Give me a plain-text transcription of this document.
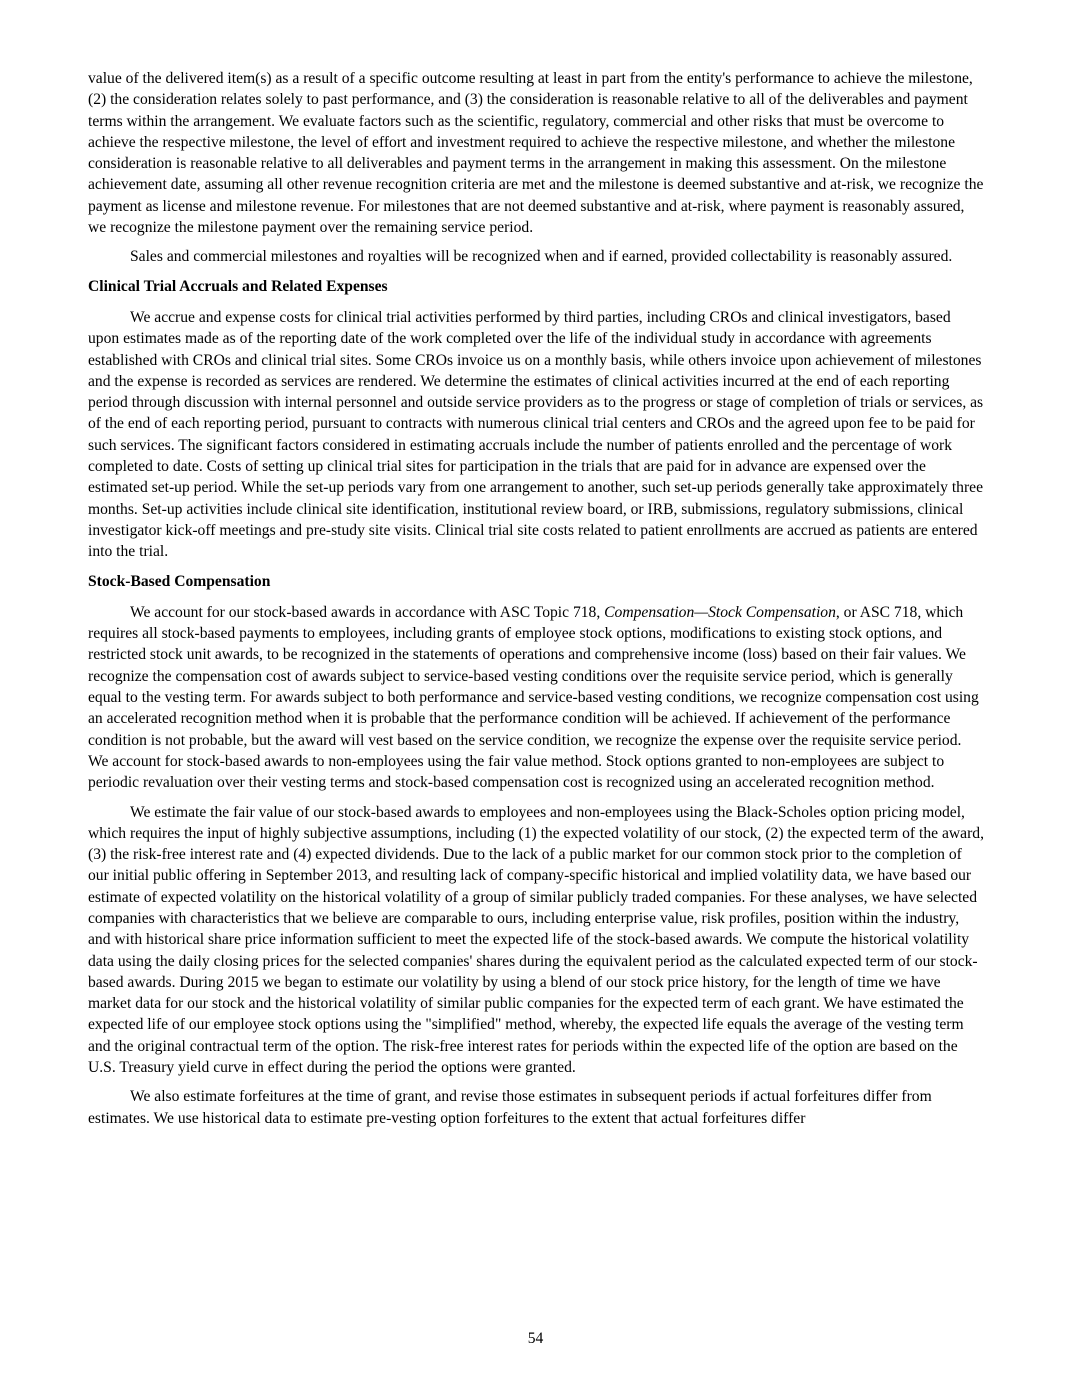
value of the delivered item(s) as a result of a specific outcome resulting at least in part from the entity's performance to achieve the milestone, (2) the consideration relates solely to past performance, and (3) the consideration is reasonable relative to all of the deliverables and payment terms within the arrangement. We evaluate factors such as the scientific, regulatory, commercial and other risks that must be overcome to achieve the respective milestone, the level of effort and investment required to achieve the respective milestone, and whether the milestone consideration is reasonable relative to all deliverables and payment terms in the arrangement in making this assessment. On the milestone achievement date, assuming all other revenue recognition criteria are met and the milestone is deemed substantive and at-risk, we recognize the payment as license and milestone revenue. For milestones that are not deemed substantive and at-risk, where payment is reasonably assured, we recognize the milestone payment over the remaining service period.

Sales and commercial milestones and royalties will be recognized when and if earned, provided collectability is reasonably assured.

Clinical Trial Accruals and Related Expenses

We accrue and expense costs for clinical trial activities performed by third parties, including CROs and clinical investigators, based upon estimates made as of the reporting date of the work completed over the life of the individual study in accordance with agreements established with CROs and clinical trial sites. Some CROs invoice us on a monthly basis, while others invoice upon achievement of milestones and the expense is recorded as services are rendered. We determine the estimates of clinical activities incurred at the end of each reporting period through discussion with internal personnel and outside service providers as to the progress or stage of completion of trials or services, as of the end of each reporting period, pursuant to contracts with numerous clinical trial centers and CROs and the agreed upon fee to be paid for such services. The significant factors considered in estimating accruals include the number of patients enrolled and the percentage of work completed to date. Costs of setting up clinical trial sites for participation in the trials that are paid for in advance are expensed over the estimated set-up period. While the set-up periods vary from one arrangement to another, such set-up periods generally take approximately three months. Set-up activities include clinical site identification, institutional review board, or IRB, submissions, regulatory submissions, clinical investigator kick-off meetings and pre-study site visits. Clinical trial site costs related to patient enrollments are accrued as patients are entered into the trial.

Stock-Based Compensation

We account for our stock-based awards in accordance with ASC Topic 718, Compensation—Stock Compensation, or ASC 718, which requires all stock-based payments to employees, including grants of employee stock options, modifications to existing stock options, and restricted stock unit awards, to be recognized in the statements of operations and comprehensive income (loss) based on their fair values. We recognize the compensation cost of awards subject to service-based vesting conditions over the requisite service period, which is generally equal to the vesting term. For awards subject to both performance and service-based vesting conditions, we recognize compensation cost using an accelerated recognition method when it is probable that the performance condition will be achieved. If achievement of the performance condition is not probable, but the award will vest based on the service condition, we recognize the expense over the requisite service period. We account for stock-based awards to non-employees using the fair value method. Stock options granted to non-employees are subject to periodic revaluation over their vesting terms and stock-based compensation cost is recognized using an accelerated recognition method.

We estimate the fair value of our stock-based awards to employees and non-employees using the Black-Scholes option pricing model, which requires the input of highly subjective assumptions, including (1) the expected volatility of our stock, (2) the expected term of the award, (3) the risk-free interest rate and (4) expected dividends. Due to the lack of a public market for our common stock prior to the completion of our initial public offering in September 2013, and resulting lack of company-specific historical and implied volatility data, we have based our estimate of expected volatility on the historical volatility of a group of similar publicly traded companies. For these analyses, we have selected companies with characteristics that we believe are comparable to ours, including enterprise value, risk profiles, position within the industry, and with historical share price information sufficient to meet the expected life of the stock-based awards. We compute the historical volatility data using the daily closing prices for the selected companies' shares during the equivalent period as the calculated expected term of our stock-based awards. During 2015 we began to estimate our volatility by using a blend of our stock price history, for the length of time we have market data for our stock and the historical volatility of similar public companies for the expected term of each grant. We have estimated the expected life of our employee stock options using the "simplified" method, whereby, the expected life equals the average of the vesting term and the original contractual term of the option. The risk-free interest rates for periods within the expected life of the option are based on the U.S. Treasury yield curve in effect during the period the options were granted.

We also estimate forfeitures at the time of grant, and revise those estimates in subsequent periods if actual forfeitures differ from estimates. We use historical data to estimate pre-vesting option forfeitures to the extent that actual forfeitures differ

54
